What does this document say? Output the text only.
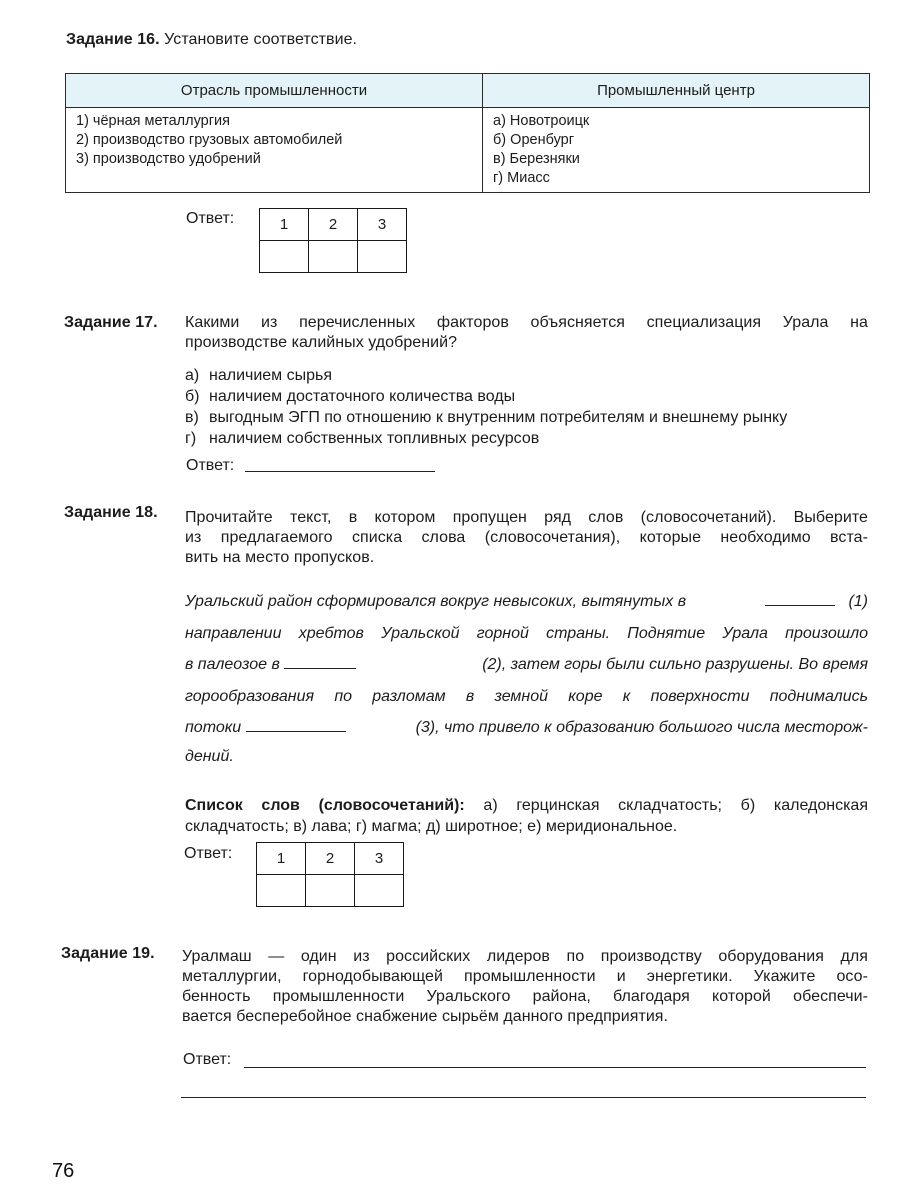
Задание 16. Установите соответствие.
Отрасль промышленности	Промышленный центр

1) чёрная металлургия
2) производство грузовых автомобилей
3) производство удобрений

а) Новотроицк
б) Оренбург
в) Березняки
г) Миасс
Ответ:	1	2	3

Задание 17. Какими из перечисленных факторов объясняется специализация Урала на
производстве калийных удобрений?
а) наличием сырья
б) наличием достаточного количества воды
в) выгодным ЭГП по отношению к внутренним потребителям и внешнему рынку
г) наличием собственных топливных ресурсов
Ответ:
Задание 18. Прочитайте текст, в котором пропущен ряд слов (словосочетаний). Выберите
из предлагаемого списка слова (словосочетания), которые необходимо вста-
вить на место пропусков.
Уральский район сформировался вокруг невысоких, вытянутых в	(1)
направлении хребтов Уральской горной страны. Поднятие Урала произошло
в палеозое в	(2), затем горы были сильно разрушены. Во время
горообразования по разломам в земной коре к поверхности поднимались
потоки	(3), что привело к образованию большого числа месторож-
дений.
Список слов (словосочетаний): а) герцинская складчатость; б) каледонская
складчатость; в) лава; г) магма; д) широтное; е) меридиональное.
Ответ:	1	2	3

Задание 19. Уралмаш — один из российских лидеров по производству оборудования для
металлургии, горнодобывающей промышленности и энергетики. Укажите осо-
бенность промышленности Уральского района, благодаря которой обеспечи-
вается бесперебойное снабжение сырьём данного предприятия.
Ответ:
76
